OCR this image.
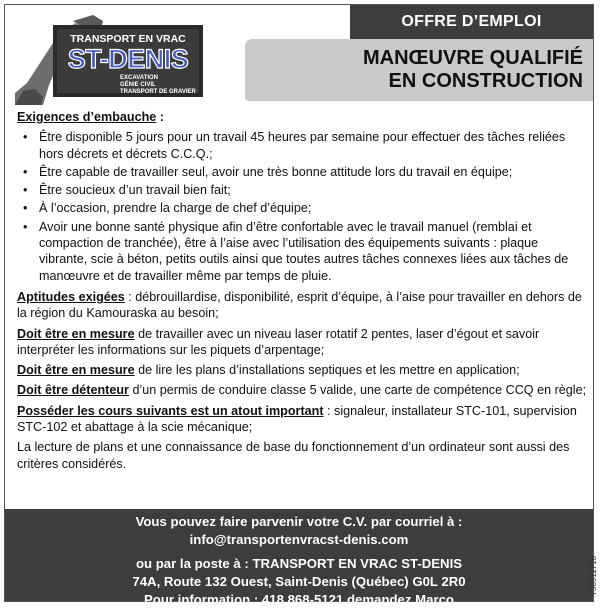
TRANSPORT EN VRAC
ST-DENIS
EXCAVATION
GÉNIE CIVIL
TRANSPORT DE GRAVIER
OFFRE D’EMPLOI
MANŒUVRE QUALIFIÉ
EN CONSTRUCTION

Exigences d’embauche :

• Être disponible 5 jours pour un travail 45 heures par semaine pour effectuer des tâches reliées hors décrets et décrets C.C.Q.;
• Être capable de travailler seul, avoir une très bonne attitude lors du travail en équipe;
• Être soucieux d’un travail bien fait;
• À l’occasion, prendre la charge de chef d’équipe;
• Avoir une bonne santé physique afin d’être confortable avec le travail manuel (remblai et compaction de tranchée), être à l’aise avec l’utilisation des équipements suivants : plaque vibrante, scie à béton, petits outils ainsi que toutes autres tâches connexes liées aux tâches de manœuvre et de travailler même par temps de pluie.

Aptitudes exigées : débrouillardise, disponibilité, esprit d’équipe, à l’aise pour travailler en dehors de la région du Kamouraska au besoin;

Doit être en mesure de travailler avec un niveau laser rotatif 2 pentes, laser d’égout et savoir interpréter les informations sur les piquets d’arpentage;

Doit être en mesure de lire les plans d’installations septiques et les mettre en application;

Doit être détenteur d’un permis de conduire classe 5 valide, une carte de compétence CCQ en règle;

Posséder les cours suivants est un atout important : signaleur, installateur STC-101, supervision STC-102 et abattage à la scie mécanique;

La lecture de plans et une connaissance de base du fonctionnement d’un ordinateur sont aussi des critères considérés.

Vous pouvez faire parvenir votre C.V. par courriel à :
info@transportenvracst-denis.com
ou par la poste à : TRANSPORT EN VRAC ST-DENIS
74A, Route 132 Ouest, Saint-Denis (Québec) G0L 2R0
Pour information : 418 868-5121 demandez Marco
738911718
